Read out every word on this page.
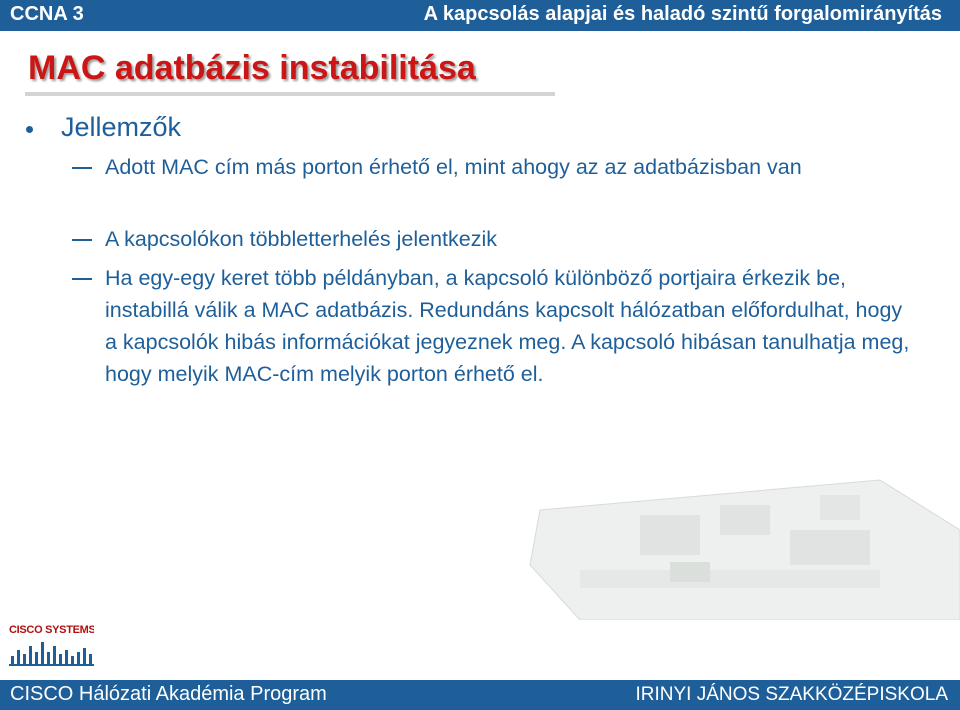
CCNA 3	A kapcsolás alapjai és haladó szintű forgalomirányítás
MAC adatbázis instabilitása
Jellemzők
Adott MAC cím más porton érhető el, mint ahogy az az adatbázisban van
A kapcsolókon többletterhelés jelentkezik
Ha egy-egy keret több példányban, a kapcsoló különböző portjaira érkezik be, instabillá válik a MAC adatbázis. Redundáns kapcsolt hálózatban előfordulhat, hogy a kapcsolók hibás információkat jegyeznek meg. A kapcsoló hibásan tanulhatja meg, hogy melyik MAC-cím melyik porton érhető el.
CISCO SYSTEMS
CISCO Hálózati Akadémia Program	IRINYI JÁNOS SZAKKÖZÉPISKOLA
